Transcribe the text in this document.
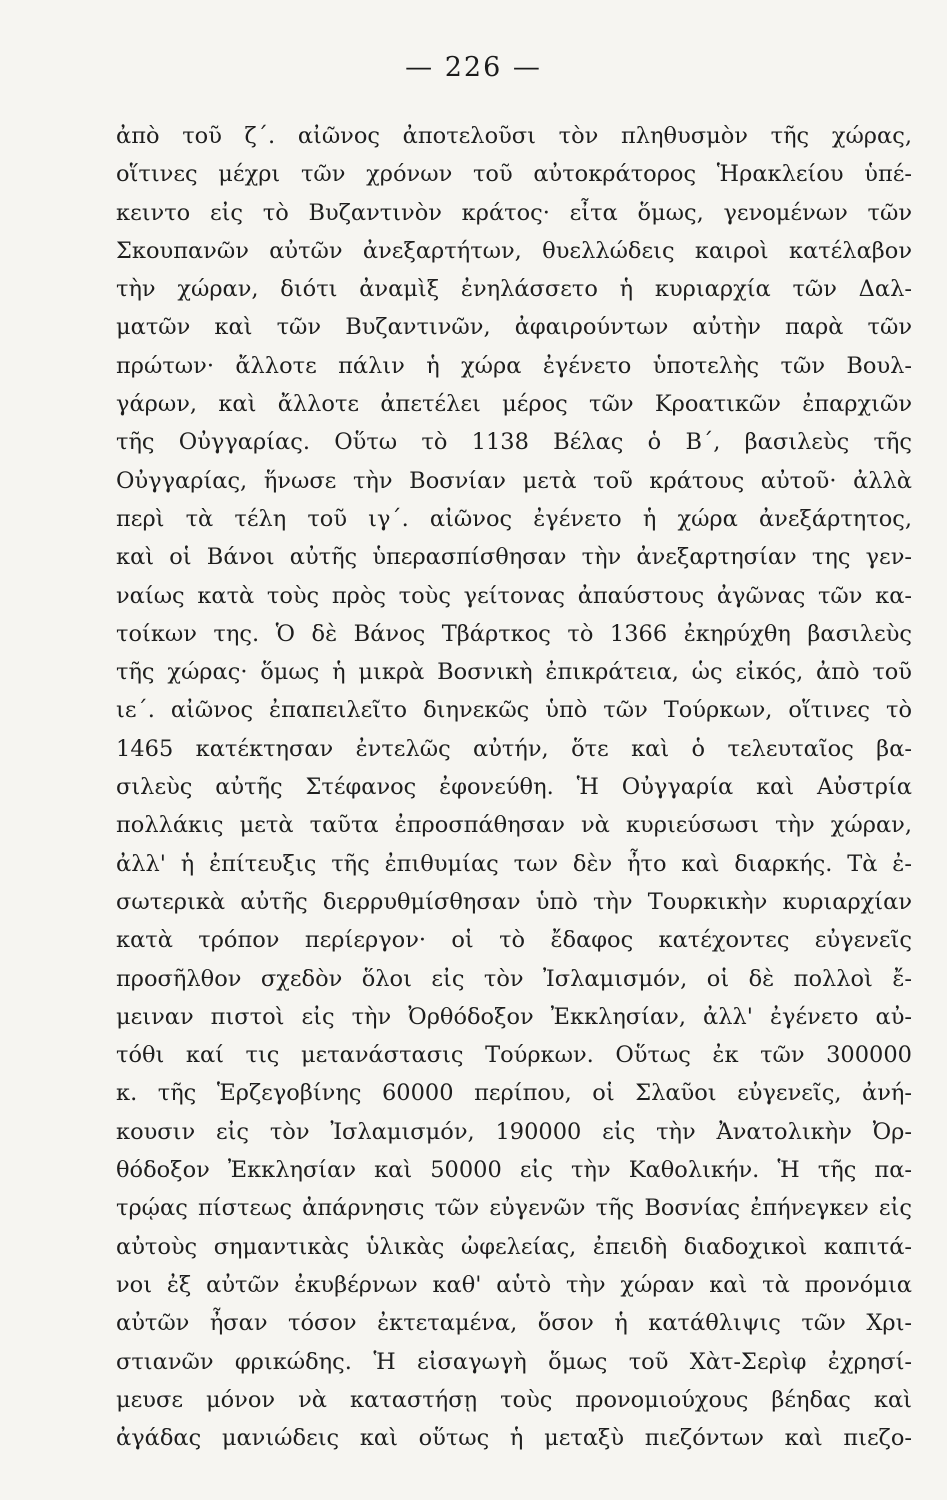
— 226 —
ἀπὸ τοῦ ζ΄. αἰῶνος ἀποτελοῦσι τὸν πληθυσμὸν τῆς χώρας,
οἵτινες μέχρι τῶν χρόνων τοῦ αὐτοκράτορος Ἡρακλείου ὑπέ-
κειντο εἰς τὸ Βυζαντινὸν κράτος· εἶτα ὅμως, γενομένων τῶν
Σκουπανῶν αὐτῶν ἀνεξαρτήτων, θυελλώδεις καιροὶ κατέλαβον
τὴν χώραν, διότι ἀναμὶξ ἐνηλάσσετο ἡ κυριαρχία τῶν Δαλ-
ματῶν καὶ τῶν Βυζαντινῶν, ἀφαιρούντων αὐτὴν παρὰ τῶν
πρώτων· ἄλλοτε πάλιν ἡ χώρα ἐγένετο ὑποτελὴς τῶν Βουλ-
γάρων, καὶ ἄλλοτε ἀπετέλει μέρος τῶν Κροατικῶν ἐπαρχιῶν
τῆς Οὐγγαρίας. Οὕτω τὸ 1138 Βέλας ὁ Β΄, βασιλεὺς τῆς
Οὐγγαρίας, ἥνωσε τὴν Βοσνίαν μετὰ τοῦ κράτους αὐτοῦ· ἀλλὰ
περὶ τὰ τέλη τοῦ ιγ΄. αἰῶνος ἐγένετο ἡ χώρα ἀνεξάρτητος,
καὶ οἱ Βάνοι αὐτῆς ὑπερασπίσθησαν τὴν ἀνεξαρτησίαν της γεν-
ναίως κατὰ τοὺς πρὸς τοὺς γείτονας ἀπαύστους ἀγῶνας τῶν κα-
τοίκων της. Ὁ δὲ Βάνος Τβάρτκος τὸ 1366 ἐκηρύχθη βασιλεὺς
τῆς χώρας· ὅμως ἡ μικρὰ Βοσνικὴ ἐπικράτεια, ὡς εἰκός, ἀπὸ τοῦ
ιε΄. αἰῶνος ἐπαπειλεῖτο διηνεκῶς ὑπὸ τῶν Τούρκων, οἵτινες τὸ
1465 κατέκτησαν ἐντελῶς αὐτήν, ὅτε καὶ ὁ τελευταῖος βα-
σιλεὺς αὐτῆς Στέφανος ἐφονεύθη. Ἡ Οὐγγαρία καὶ Αὐστρία
πολλάκις μετὰ ταῦτα ἐπροσπάθησαν νὰ κυριεύσωσι τὴν χώραν,
ἀλλ' ἡ ἐπίτευξις τῆς ἐπιθυμίας των δὲν ἦτο καὶ διαρκής. Τὰ ἐ-
σωτερικὰ αὐτῆς διερρυθμίσθησαν ὑπὸ τὴν Τουρκικὴν κυριαρχίαν
κατὰ τρόπον περίεργον· οἱ τὸ ἔδαφος κατέχοντες εὐγενεῖς
προσῆλθον σχεδὸν ὅλοι εἰς τὸν Ἰσλαμισμόν, οἱ δὲ πολλοὶ ἔ-
μειναν πιστοὶ εἰς τὴν Ὀρθόδοξον Ἐκκλησίαν, ἀλλ' ἐγένετο αὐ-
τόθι καί τις μετανάστασις Τούρκων. Οὕτως ἐκ τῶν 300000
κ. τῆς Ἑρζεγοβίνης 60000 περίπου, οἱ Σλαῦοι εὐγενεῖς, ἀνή-
κουσιν εἰς τὸν Ἰσλαμισμόν, 190000 εἰς τὴν Ἀνατολικὴν Ὀρ-
θόδοξον Ἐκκλησίαν καὶ 50000 εἰς τὴν Καθολικήν. Ἡ τῆς πα-
τρῴας πίστεως ἀπάρνησις τῶν εὐγενῶν τῆς Βοσνίας ἐπήνεγκεν εἰς
αὐτοὺς σημαντικὰς ὑλικὰς ὠφελείας, ἐπειδὴ διαδοχικοὶ καπιτά-
νοι ἐξ αὐτῶν ἐκυβέρνων καθ' αὑτὸ τὴν χώραν καὶ τὰ προνόμια
αὐτῶν ἦσαν τόσον ἐκτεταμένα, ὅσον ἡ κατάθλιψις τῶν Χρι-
στιανῶν φρικώδης. Ἡ εἰσαγωγὴ ὅμως τοῦ Χὰτ-Σερὶφ ἐχρησί-
μευσε μόνον νὰ καταστήσῃ τοὺς προνομιούχους βέηδας καὶ
ἀγάδας μανιώδεις καὶ οὕτως ἡ μεταξὺ πιεζόντων καὶ πιεζο-
